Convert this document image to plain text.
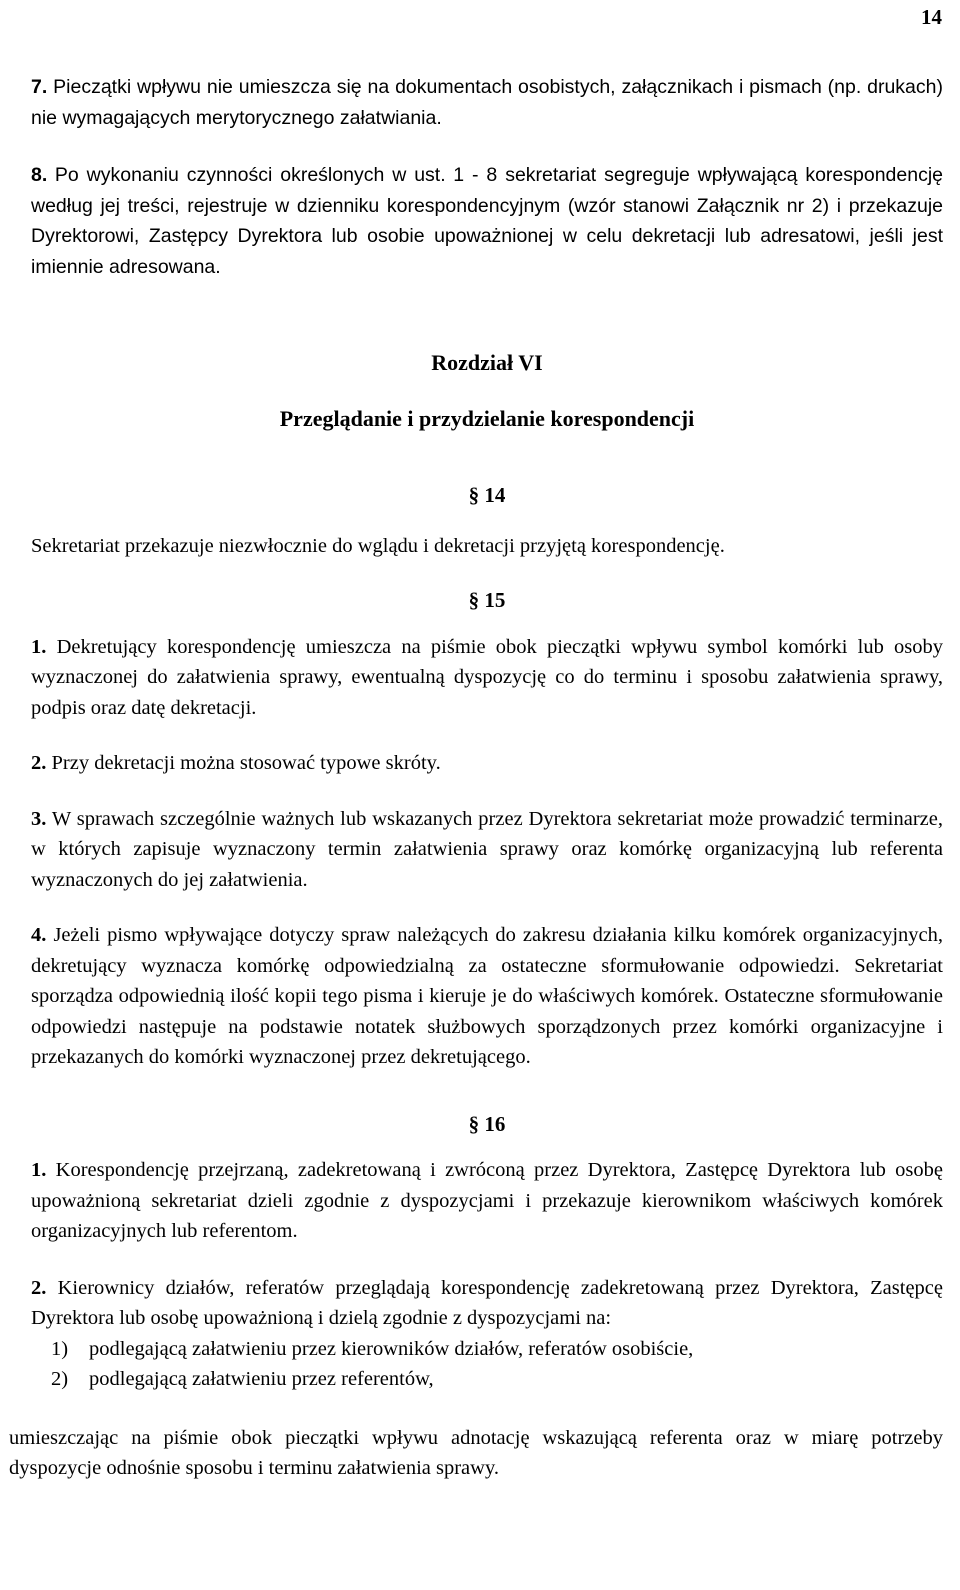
14

7. Pieczątki wpływu nie umieszcza się na dokumentach osobistych, załącznikach i pismach (np. drukach) nie wymagających merytorycznego załatwiania.

8. Po wykonaniu czynności określonych w ust. 1 - 8 sekretariat segreguje wpływającą korespondencję według jej treści, rejestruje w dzienniku korespondencyjnym (wzór stanowi Załącznik nr 2) i przekazuje Dyrektorowi, Zastępcy Dyrektora lub osobie upoważnionej w celu dekretacji lub adresatowi, jeśli jest imiennie adresowana.

Rozdział VI

Przeglądanie i przydzielanie korespondencji

§ 14

Sekretariat przekazuje niezwłocznie do wglądu i dekretacji przyjętą korespondencję.

§ 15

1. Dekretujący korespondencję umieszcza na piśmie obok pieczątki wpływu symbol komórki lub osoby wyznaczonej do załatwienia sprawy, ewentualną dyspozycję co do terminu i sposobu załatwienia sprawy, podpis oraz datę dekretacji.

2. Przy dekretacji można stosować typowe skróty.

3. W sprawach szczególnie ważnych lub wskazanych przez Dyrektora sekretariat może prowadzić terminarze, w których zapisuje wyznaczony termin załatwienia sprawy oraz komórkę organizacyjną lub referenta wyznaczonych do jej załatwienia.

4. Jeżeli pismo wpływające dotyczy spraw należących do zakresu działania kilku komórek organizacyjnych, dekretujący wyznacza komórkę odpowiedzialną za ostateczne sformułowanie odpowiedzi. Sekretariat sporządza odpowiednią ilość kopii tego pisma i kieruje je do właściwych komórek. Ostateczne sformułowanie odpowiedzi następuje na podstawie notatek służbowych sporządzonych przez komórki organizacyjne i przekazanych do komórki wyznaczonej przez dekretującego.

§ 16

1. Korespondencję przejrzaną, zadekretowaną i zwróconą przez Dyrektora, Zastępcę Dyrektora lub osobę upoważnioną sekretariat dzieli zgodnie z dyspozycjami i przekazuje kierownikom właściwych komórek organizacyjnych lub referentom.

2. Kierownicy działów, referatów przeglądają korespondencję zadekretowaną przez Dyrektora, Zastępcę Dyrektora lub osobę upoważnioną i dzielą zgodnie z dyspozycjami na:

1) podlegającą załatwieniu przez kierowników działów, referatów osobiście,
2) podlegającą załatwieniu przez referentów,

umieszczając na piśmie obok pieczątki wpływu adnotację wskazującą referenta oraz w miarę potrzeby dyspozycje odnośnie sposobu i terminu załatwienia sprawy.
